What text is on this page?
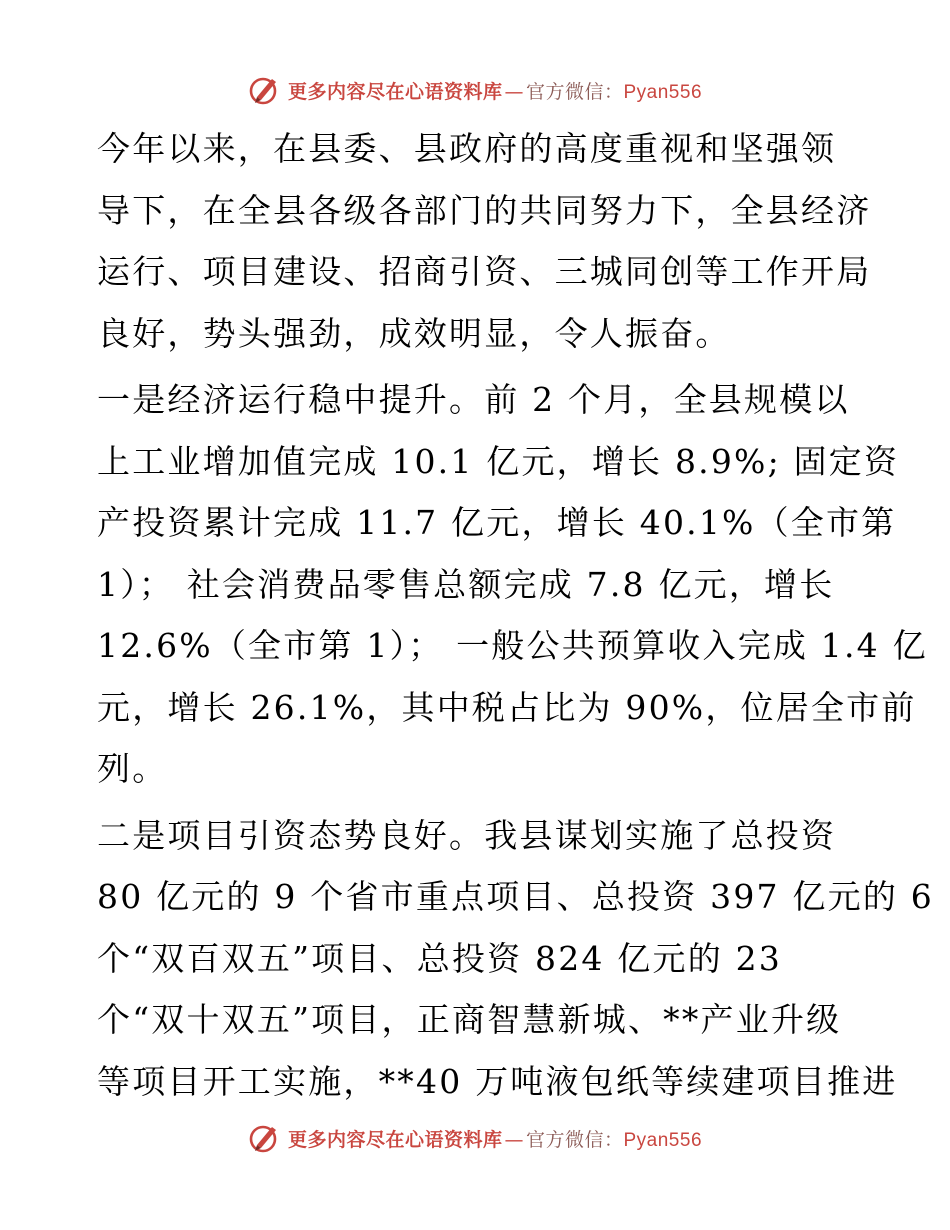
更多内容尽在心语资料库 — 官方微信：Pyan556

今年以来，在县委、县政府的高度重视和坚强领
导下，在全县各级各部门的共同努力下，全县经济
运行、项目建设、招商引资、三城同创等工作开局
良好，势头强劲，成效明显，令人振奋。

一是经济运行稳中提升。前 2 个月，全县规模以
上工业增加值完成 10.1 亿元，增长 8.9%; 固定资
产投资累计完成 11.7 亿元，增长 40.1%（全市第
1）； 社会消费品零售总额完成 7.8 亿元，增长
12.6%（全市第 1）； 一般公共预算收入完成 1.4 亿
元，增长 26.1%，其中税占比为 90%，位居全市前
列。

二是项目引资态势良好。我县谋划实施了总投资
80 亿元的 9 个省市重点项目、总投资 397 亿元的 6
个“双百双五”项目、总投资 824 亿元的 23
个“双十双五”项目，正商智慧新城、**产业升级
等项目开工实施，**40 万吨液包纸等续建项目推进

更多内容尽在心语资料库 — 官方微信：Pyan556
